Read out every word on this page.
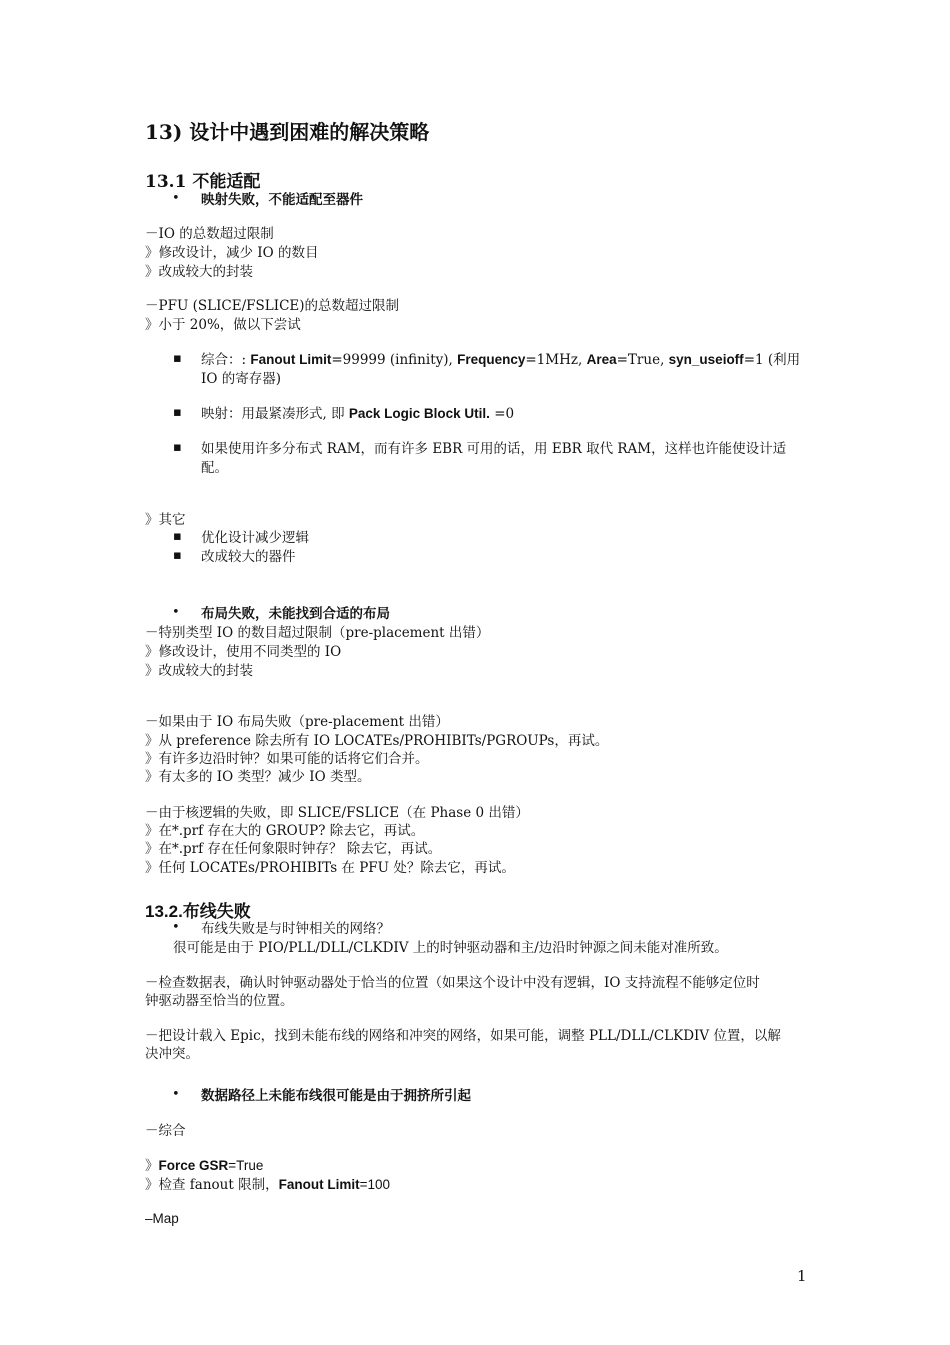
13) 设计中遇到困难的解决策略
13.1 不能适配
• 映射失败，不能适配至器件
－IO 的总数超过限制
》修改设计，减少 IO 的数目
》改成较大的封装
－PFU (SLICE/FSLICE)的总数超过限制
》小于 20%，做以下尝试
▪ 综合：: Fanout Limit=99999 (infinity), Frequency=1MHz, Area=True, syn_useioff=1 (利用
IO 的寄存器)
▪ 映射：用最紧凑形式, 即 Pack Logic Block Util. =0
▪ 如果使用许多分布式 RAM，而有许多 EBR 可用的话，用 EBR 取代 RAM，这样也许能使设计适
配。
》其它
▪ 优化设计减少逻辑
▪ 改成较大的器件
• 布局失败，未能找到合适的布局
－特别类型 IO 的数目超过限制（pre-placement 出错）
》修改设计，使用不同类型的 IO
》改成较大的封装
－如果由于 IO 布局失败（pre-placement 出错）
》从 preference 除去所有 IO LOCATEs/PROHIBITs/PGROUPs，再试。
》有许多边沿时钟？如果可能的话将它们合并。
》有太多的 IO 类型？减少 IO 类型。
－由于核逻辑的失败，即 SLICE/FSLICE（在 Phase 0 出错）
》在*.prf 存在大的 GROUP? 除去它，再试。
》在*.prf 存在任何象限时钟存？ 除去它，再试。
》任何 LOCATEs/PROHIBITs 在 PFU 处？除去它，再试。
13.2.布线失败
• 布线失败是与时钟相关的网络？
很可能是由于 PIO/PLL/DLL/CLKDIV 上的时钟驱动器和主/边沿时钟源之间未能对准所致。
－检查数据表，确认时钟驱动器处于恰当的位置（如果这个设计中没有逻辑，IO 支持流程不能够定位时
钟驱动器至恰当的位置。
－把设计载入 Epic，找到未能布线的网络和冲突的网络，如果可能，调整 PLL/DLL/CLKDIV 位置，以解
决冲突。
• 数据路径上未能布线很可能是由于拥挤所引起
－综合
》Force GSR=True
》检查 fanout 限制，Fanout Limit=100
–Map
1
